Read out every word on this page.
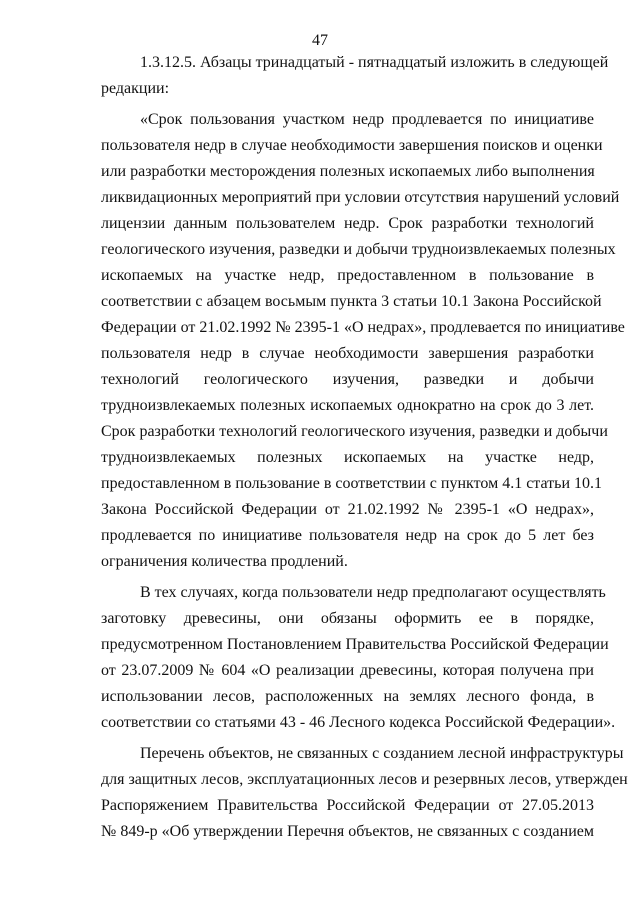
47
1.3.12.5. Абзацы тринадцатый - пятнадцатый изложить в следующей
редакции:
«Срок пользования участком недр продлевается по инициативе
пользователя недр в случае необходимости завершения поисков и оценки
или разработки месторождения полезных ископаемых либо выполнения
ликвидационных мероприятий при условии отсутствия нарушений условий
лицензии данным пользователем недр. Срок разработки технологий
геологического изучения, разведки и добычи трудноизвлекаемых полезных
ископаемых на участке недр, предоставленном в пользование в
соответствии с абзацем восьмым пункта 3 статьи 10.1 Закона Российской
Федерации от 21.02.1992 № 2395-1 «О недрах», продлевается по инициативе
пользователя недр в случае необходимости завершения разработки
технологий геологического изучения, разведки и добычи
трудноизвлекаемых полезных ископаемых однократно на срок до 3 лет.
Срок разработки технологий геологического изучения, разведки и добычи
трудноизвлекаемых полезных ископаемых на участке недр,
предоставленном в пользование в соответствии с пунктом 4.1 статьи 10.1
Закона Российской Федерации от 21.02.1992 № 2395-1 «О недрах»,
продлевается по инициативе пользователя недр на срок до 5 лет без
ограничения количества продлений.
В тех случаях, когда пользователи недр предполагают осуществлять
заготовку древесины, они обязаны оформить ее в порядке,
предусмотренном Постановлением Правительства Российской Федерации
от 23.07.2009 № 604 «О реализации древесины, которая получена при
использовании лесов, расположенных на землях лесного фонда, в
соответствии со статьями 43 - 46 Лесного кодекса Российской Федерации».
Перечень объектов, не связанных с созданием лесной инфраструктуры
для защитных лесов, эксплуатационных лесов и резервных лесов, утвержден
Распоряжением Правительства Российской Федерации от 27.05.2013
№ 849-р «Об утверждении Перечня объектов, не связанных с созданием
